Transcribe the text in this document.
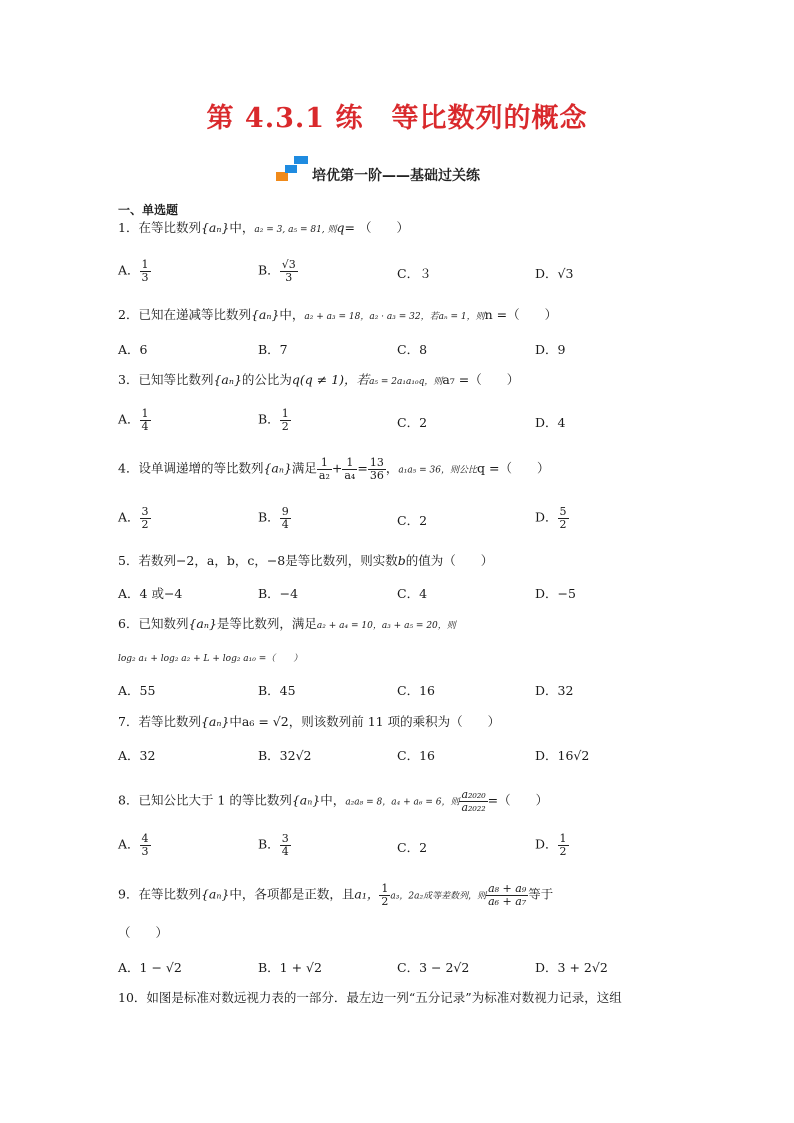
第 4.3.1 练　等比数列的概念
培优第一阶——基础过关练
一、单选题
1．在等比数列{aₙ}中，a₂ = 3, a₅ = 81, 则q= （　　）
A． $\frac{1}{3}$	B． $\frac{√3}{3}$	C．３	D．√3
2．已知在递减等比数列{aₙ}中，a₂ + a₃ = 18，a₂ · a₃ = 32，若aₙ = 1，则n =（　　）
A．6	B．7	C．8	D．9
3．已知等比数列{aₙ}的公比为q(q ≠ 1)，若a₅ = 2a₁a₁₀q，则a₇ =（　　）
A． $\frac{1}{4}$	B． $\frac{1}{2}$	C．2	D．4
4．设单调递增的等比数列{aₙ}满足 $\frac{1}{\text{a₂}} + \frac{1}{\text{a₄}} = \frac{13}{36}$ ，a₁a₅ = 36，则公比q =（　　）
A． $\frac{3}{2}$	B． $\frac{9}{4}$	C．2	D． $\frac{5}{2}$
5．若数列−2，a，b，c，−8是等比数列，则实数b的值为（　　）
A．4 或−4	B．−4	C．4	D．−5
6．已知数列{aₙ}是等比数列，满足a₂ + a₄ = 10，a₃ + a₅ = 20，则
log₂ a₁ + log₂ a₂ + L + log₂ a₁₀ =（　　）
A．55	B．45	C．16	D．32
7．若等比数列{aₙ}中a₆ = √2，则该数列前 11 项的乘积为（　　）
A．32	B．32√2	C．16	D．16√2
8．已知公比大于 1 的等比数列{aₙ}中，a₂a₈ = 8，a₄ + a₆ = 6，则 $\frac{\text{a₂₀₂₀}}{\text{a₂₀₂₂}}$ =（　　）
A． $\frac{4}{3}$	B． $\frac{3}{4}$	C．2	D． $\frac{1}{2}$
9．在等比数列{aₙ}中，各项都是正数，且a₁， $\frac{1}{2} a_3$，2a₂成等差数列，则 $\frac{\text{a₈ + a₉}}{\text{a₆ + a₇}}$ 等于
（　　）
A．1 − √2	B．1 + √2	C．3 − 2√2	D．3 + 2√2
10．如图是标准对数远视力表的一部分．最左边一列“五分记录”为标准对数视力记录，这组
